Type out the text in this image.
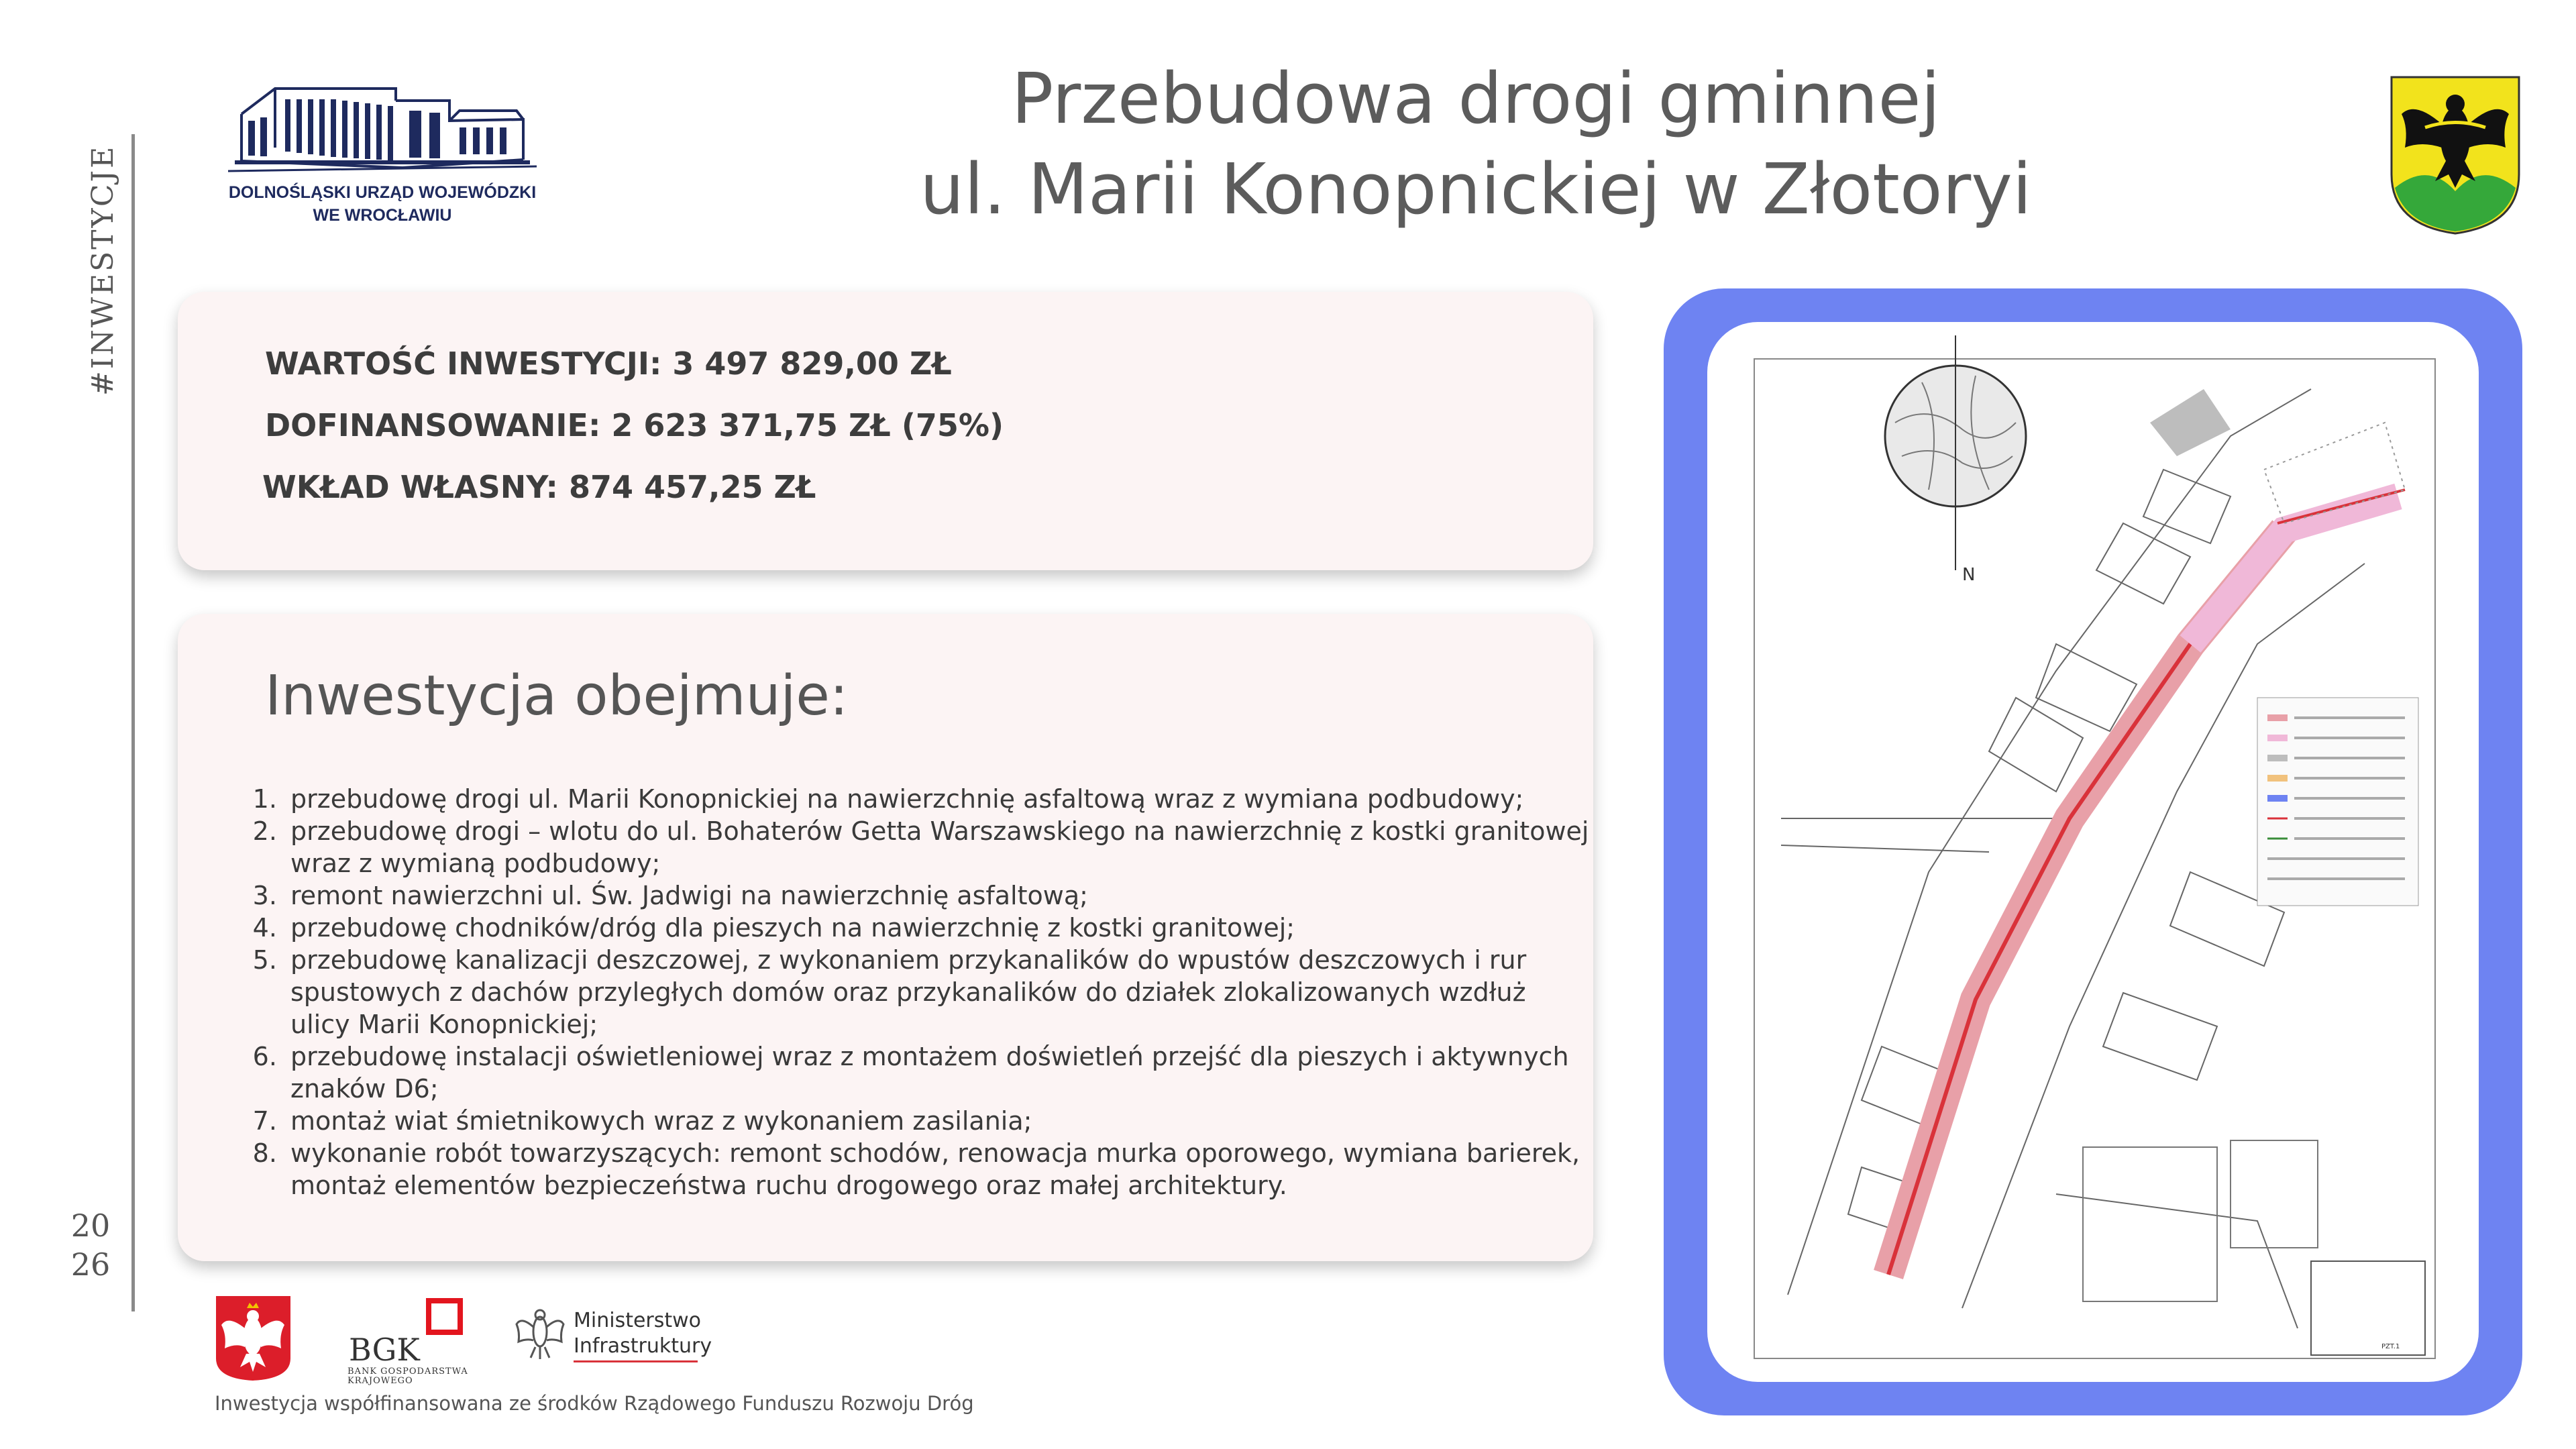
#INWESTYCJE
20
26
DOLNOŚLĄSKI URZĄD WOJEWÓDZKI
WE WROCŁAWIU
Przebudowa drogi gminnej
ul. Marii Konopnickiej w Złotoryi
WARTOŚĆ INWESTYCJI: 3 497 829,00 ZŁ
DOFINANSOWANIE: 2 623 371,75 ZŁ (75%)
WKŁAD WŁASNY: 874 457,25 ZŁ
Inwestycja obejmuje:
1. przebudowę drogi ul. Marii Konopnickiej na nawierzchnię asfaltową wraz z wymiana podbudowy;
2. przebudowę drogi – wlotu do ul. Bohaterów Getta Warszawskiego na nawierzchnię z kostki granitowej wraz z wymianą podbudowy;
3. remont nawierzchni ul. Św. Jadwigi na nawierzchnię asfaltową;
4. przebudowę chodników/dróg dla pieszych na nawierzchnię z kostki granitowej;
5. przebudowę kanalizacji deszczowej, z wykonaniem przykanalików do wpustów deszczowych i rur spustowych z dachów przyległych domów oraz przykanalików do działek zlokalizowanych wzdłuż ulicy Marii Konopnickiej;
6. przebudowę instalacji oświetleniowej wraz z montażem doświetleń przejść dla pieszych i aktywnych znaków D6;
7. montaż wiat śmietnikowych wraz z wykonaniem zasilania;
8. wykonanie robót towarzyszących: remont schodów, renowacja murka oporowego, wymiana barierek, montaż elementów bezpieczeństwa ruchu drogowego oraz małej architektury.
N
PZT.1
BGK
BANK GOSPODARSTWA KRAJOWEGO
Ministerstwo
Infrastruktury
Inwestycja współfinansowana ze środków Rządowego Funduszu Rozwoju Dróg
